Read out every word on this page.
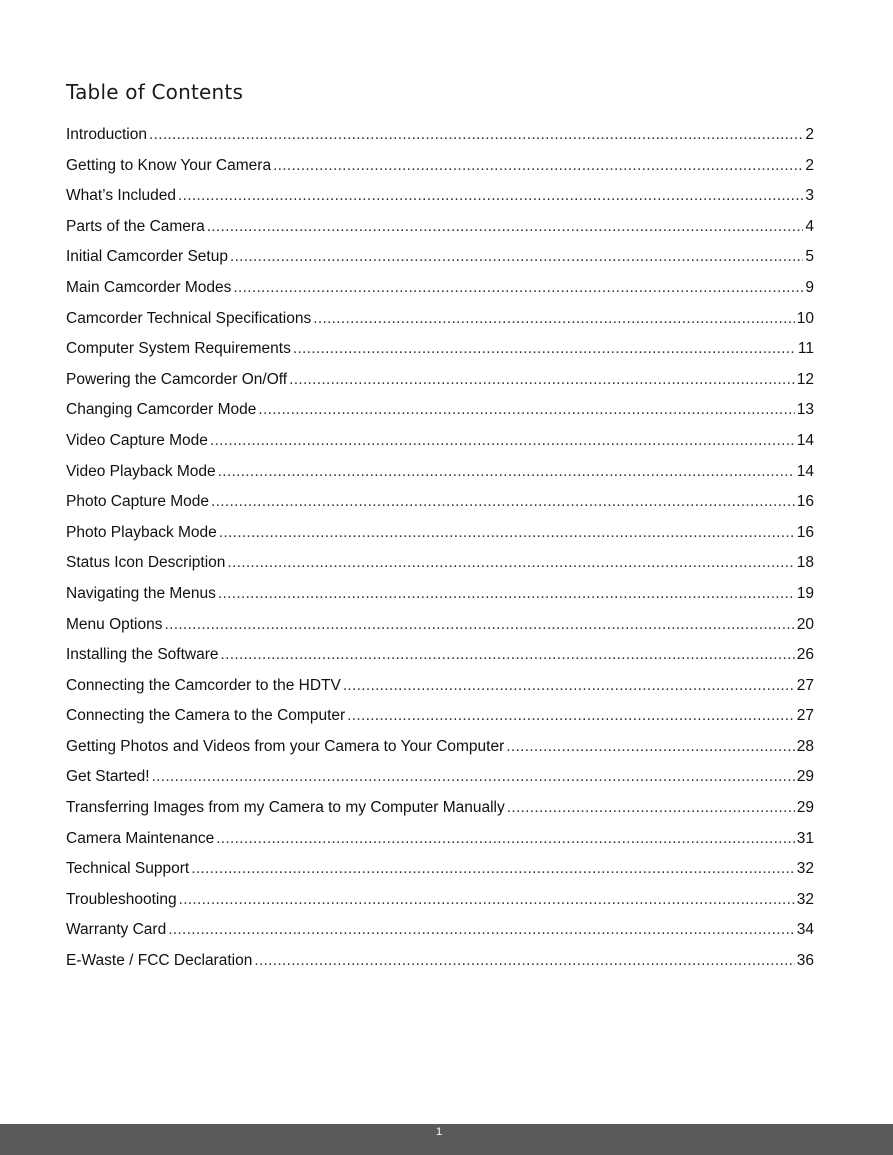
Table of Contents
Introduction .....	2
Getting to Know Your Camera .....	2
What’s Included .....	3
Parts of the Camera .....	4
Initial Camcorder Setup .....	5
Main Camcorder Modes .....	9
Camcorder Technical Specifications .....	10
Computer System Requirements .....	11
Powering the Camcorder On/Off .....	12
Changing Camcorder Mode .....	13
Video Capture Mode .....	14
Video Playback Mode .....	14
Photo Capture Mode .....	16
Photo Playback Mode .....	16
Status Icon Description .....	18
Navigating the Menus .....	19
Menu Options .....	20
Installing the Software .....	26
Connecting the Camcorder to the HDTV .....	27
Connecting the Camera to the Computer .....	27
Getting Photos and Videos from your Camera to Your Computer .....	28
Get Started! .....	29
Transferring Images from my Camera to my Computer Manually .....	29
Camera Maintenance .....	31
Technical Support .....	32
Troubleshooting .....	32
Warranty Card .....	34
E-Waste / FCC Declaration .....	36
1
